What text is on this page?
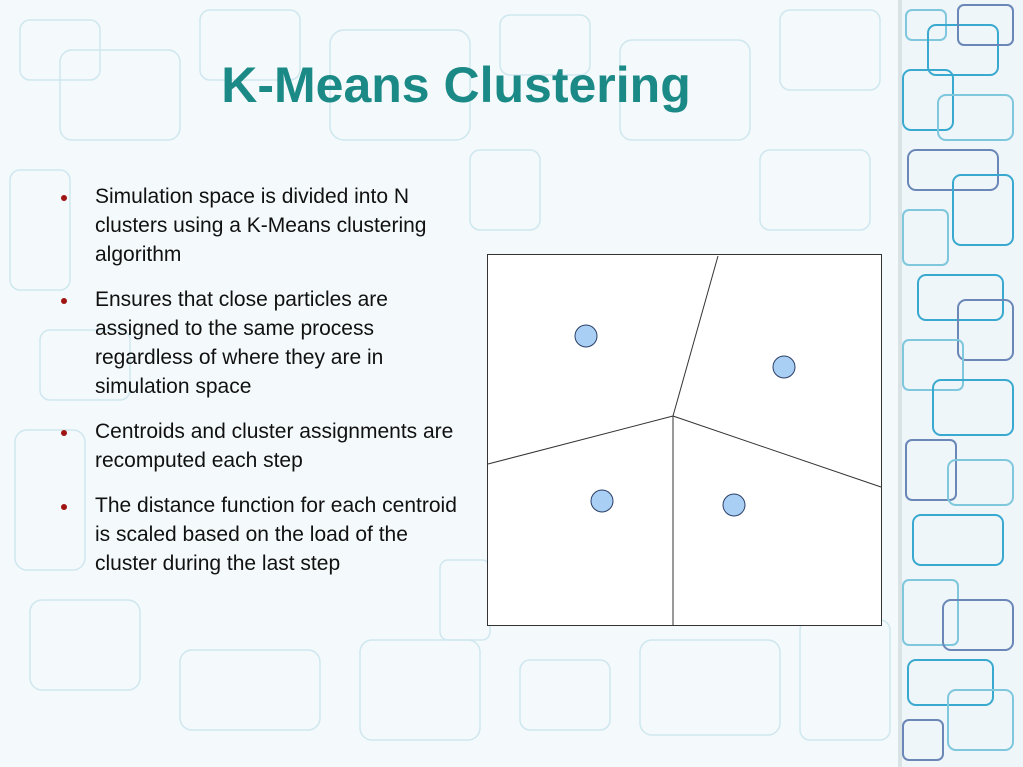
K-Means Clustering
Simulation space is divided into N clusters using a K-Means clustering algorithm
Ensures that close particles are assigned to the same process regardless of where they are in simulation space
Centroids and cluster assignments are recomputed each step
The distance function for each centroid is scaled based on the load of the cluster during the last step
